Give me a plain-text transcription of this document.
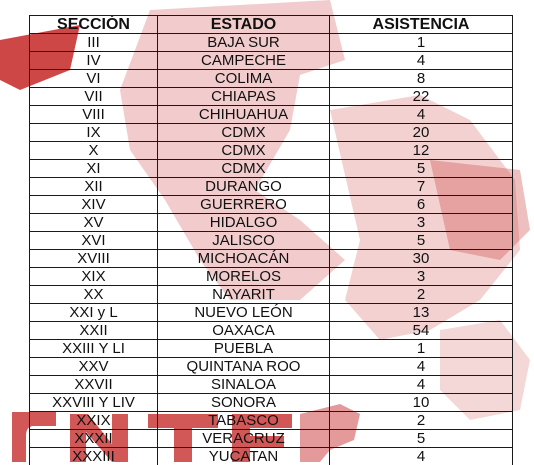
SECCIÓN	ESTADO	ASISTENCIA
III	BAJA SUR	1
IV	CAMPECHE	4
VI	COLIMA	8
VII	CHIAPAS	22
VIII	CHIHUAHUA	4
IX	CDMX	20
X	CDMX	12
XI	CDMX	5
XII	DURANGO	7
XIV	GUERRERO	6
XV	HIDALGO	3
XVI	JALISCO	5
XVIII	MICHOACÁN	30
XIX	MORELOS	3
XX	NAYARIT	2
XXI y L	NUEVO LEÓN	13
XXII	OAXACA	54
XXIII Y LI	PUEBLA	1
XXV	QUINTANA ROO	4
XXVII	SINALOA	4
XXVIII Y LIV	SONORA	10
XXIX	TABASCO	2
XXXII	VERACRUZ	5
XXXIII	YUCATAN	4
